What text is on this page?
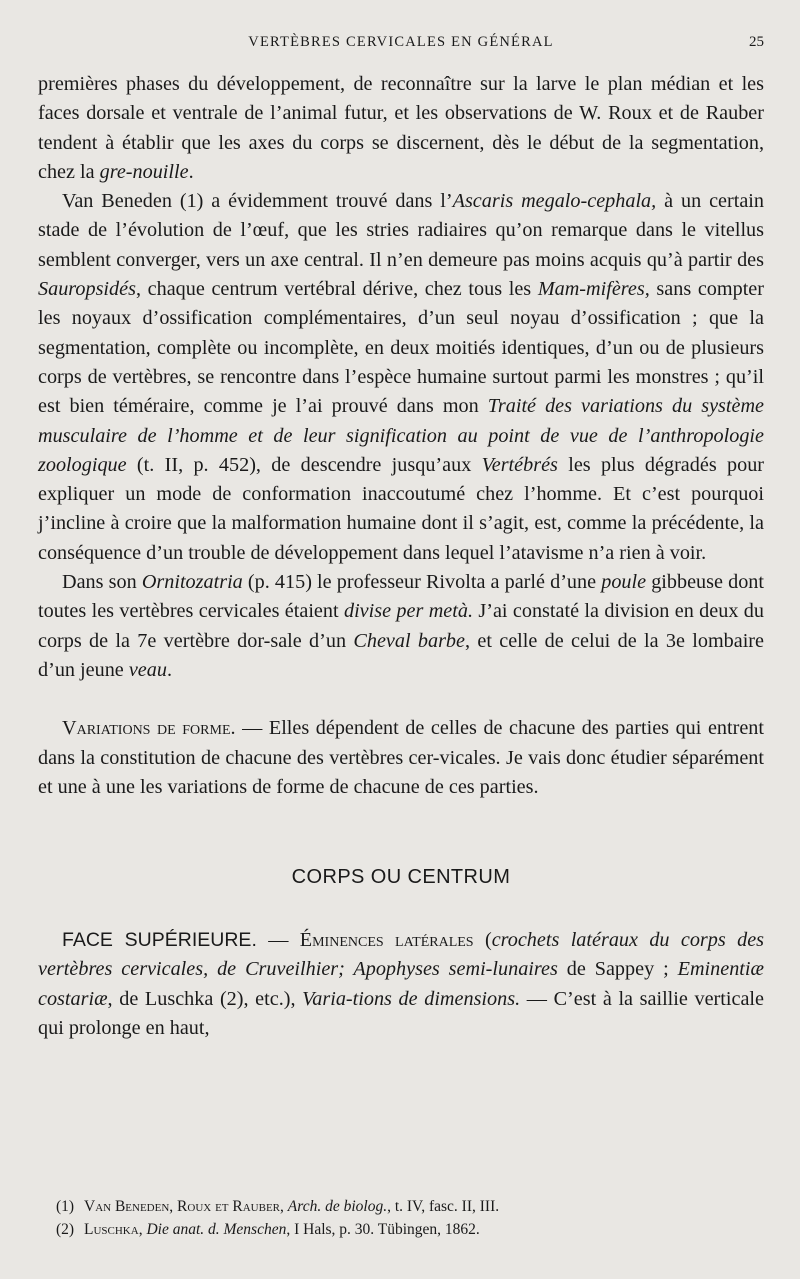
VERTÈBRES CERVICALES EN GÉNÉRAL	25

premières phases du développement, de reconnaître sur la larve le plan médian et les faces dorsale et ventrale de l’animal futur, et les observations de W. Roux et de Rauber tendent à établir que les axes du corps se discernent, dès le début de la segmentation, chez la gre-nouille.

Van Beneden (1) a évidemment trouvé dans l’Ascaris megalo-cephala, à un certain stade de l’évolution de l’œuf, que les stries radiaires qu’on remarque dans le vitellus semblent converger, vers un axe central. Il n’en demeure pas moins acquis qu’à partir des Sauropsidés, chaque centrum vertébral dérive, chez tous les Mam-mifères, sans compter les noyaux d’ossification complémentaires, d’un seul noyau d’ossification ; que la segmentation, complète ou incomplète, en deux moitiés identiques, d’un ou de plusieurs corps de vertèbres, se rencontre dans l’espèce humaine surtout parmi les monstres ; qu’il est bien téméraire, comme je l’ai prouvé dans mon Traité des variations du système musculaire de l’homme et de leur signification au point de vue de l’anthropologie zoologique (t. II, p. 452), de descendre jusqu’aux Vertébrés les plus dégradés pour expliquer un mode de conformation inaccoutumé chez l’homme. Et c’est pourquoi j’incline à croire que la malformation humaine dont il s’agit, est, comme la précédente, la conséquence d’un trouble de développement dans lequel l’atavisme n’a rien à voir.

Dans son Ornitozatria (p. 415) le professeur Rivolta a parlé d’une poule gibbeuse dont toutes les vertèbres cervicales étaient divise per metà. J’ai constaté la division en deux du corps de la 7e vertèbre dor-sale d’un Cheval barbe, et celle de celui de la 3e lombaire d’un jeune veau.

Variations de forme. — Elles dépendent de celles de chacune des parties qui entrent dans la constitution de chacune des vertèbres cer-vicales. Je vais donc étudier séparément et une à une les variations de forme de chacune de ces parties.

CORPS OU CENTRUM

FACE SUPÉRIEURE. — Éminences latérales (crochets latéraux du corps des vertèbres cervicales, de Cruveilhier; Apophyses semi-lunaires de Sappey ; Eminentiæ costariæ, de Luschka (2), etc.), Varia-tions de dimensions. — C’est à la saillie verticale qui prolonge en haut,

(1) Van Beneden, Roux et Rauber, Arch. de biolog., t. IV, fasc. II, III.

(2) Luschka, Die anat. d. Menschen, I Hals, p. 30. Tübingen, 1862.
